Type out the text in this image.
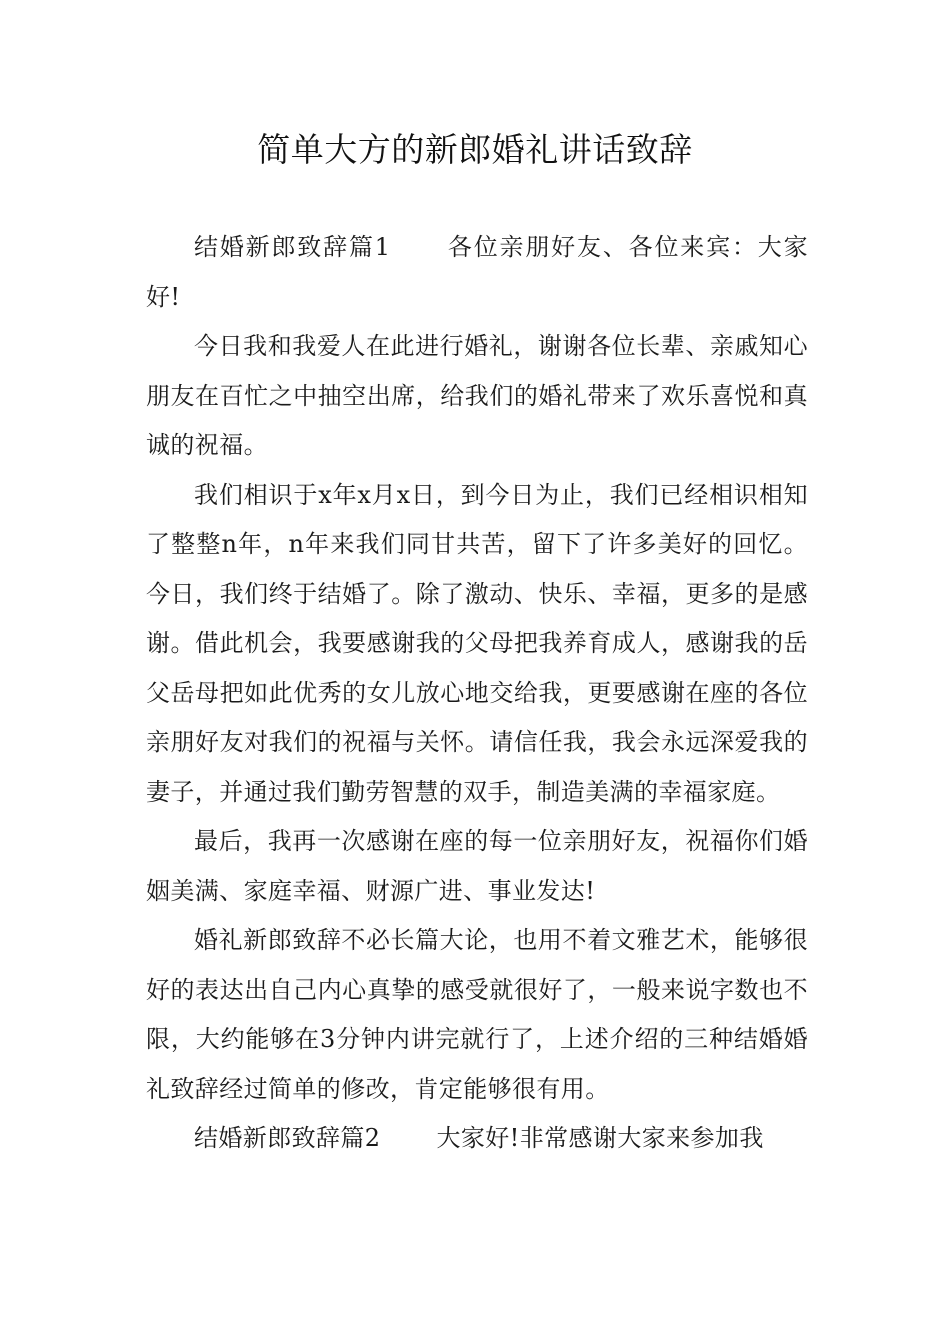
简单大方的新郎婚礼讲话致辞

结婚新郎致辞篇1 各位亲朋好友、各位来宾：大家好!

今日我和我爱人在此进行婚礼，谢谢各位长辈、亲戚知心朋友在百忙之中抽空出席，给我们的婚礼带来了欢乐喜悦和真诚的祝福。

我们相识于x年x月x日，到今日为止，我们已经相识相知了整整n年，n年来我们同甘共苦，留下了许多美好的回忆。今日，我们终于结婚了。除了激动、快乐、幸福，更多的是感谢。借此机会，我要感谢我的父母把我养育成人，感谢我的岳父岳母把如此优秀的女儿放心地交给我，更要感谢在座的各位亲朋好友对我们的祝福与关怀。请信任我，我会永远深爱我的妻子，并通过我们勤劳智慧的双手，制造美满的幸福家庭。

最后，我再一次感谢在座的每一位亲朋好友，祝福你们婚姻美满、家庭幸福、财源广进、事业发达!

婚礼新郎致辞不必长篇大论，也用不着文雅艺术，能够很好的表达出自己内心真挚的感受就很好了，一般来说字数也不限，大约能够在3分钟内讲完就行了，上述介绍的三种结婚婚礼致辞经过简单的修改，肯定能够很有用。

结婚新郎致辞篇2 大家好!非常感谢大家来参加我
